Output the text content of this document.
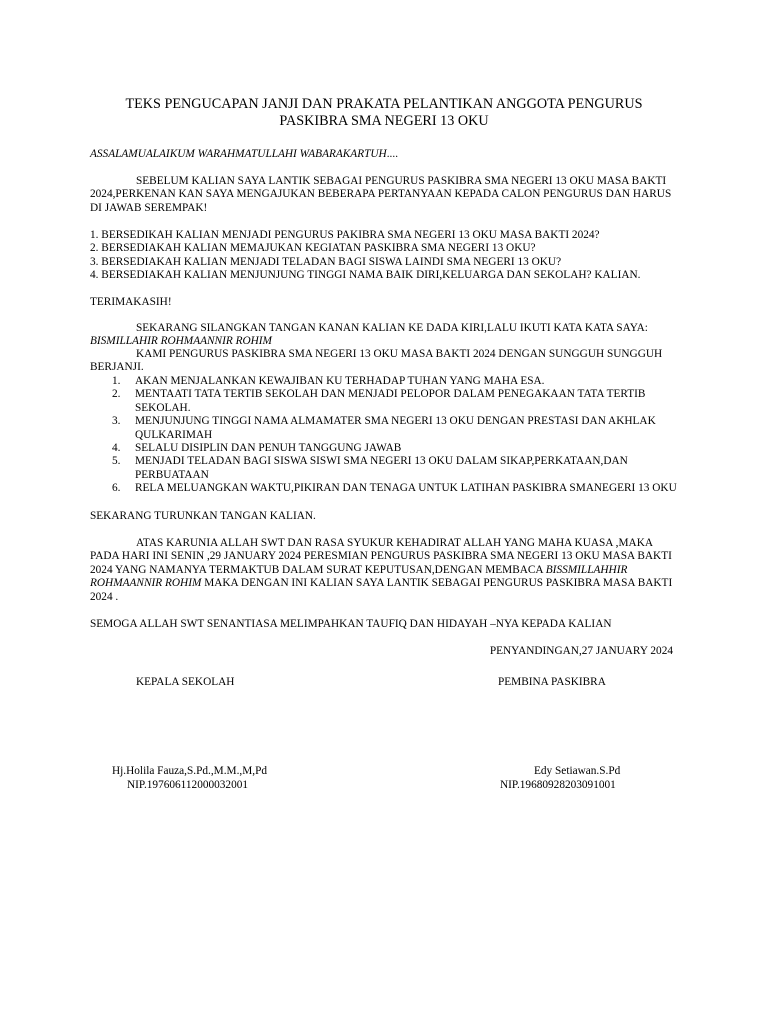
TEKS PENGUCAPAN JANJI DAN PRAKATA PELANTIKAN ANGGOTA PENGURUS
PASKIBRA SMA NEGERI 13 OKU
ASSALAMUALAIKUM WARAHMATULLAHI WABARAKARTUH....

SEBELUM KALIAN SAYA LANTIK SEBAGAI PENGURUS PASKIBRA SMA NEGERI 13 OKU MASA BAKTI 2024,PERKENAN KAN SAYA MENGAJUKAN BEBERAPA PERTANYAAN KEPADA CALON PENGURUS DAN HARUS DI JAWAB SEREMPAK!

1. BERSEDIKAH KALIAN MENJADI PENGURUS PAKIBRA SMA NEGERI 13 OKU MASA BAKTI 2024?
2. BERSEDIAKAH KALIAN MEMAJUKAN KEGIATAN PASKIBRA SMA NEGERI 13 OKU?
3. BERSEDIAKAH KALIAN MENJADI TELADAN BAGI SISWA LAINDI SMA NEGERI 13 OKU?
4. BERSEDIAKAH KALIAN MENJUNJUNG TINGGI NAMA BAIK DIRI,KELUARGA DAN SEKOLAH? KALIAN.

TERIMAKASIH!

SEKARANG SILANGKAN TANGAN KANAN KALIAN KE DADA KIRI,LALU IKUTI KATA KATA SAYA:

BISMILLAHIR ROHMAANNIR ROHIM

KAMI PENGURUS PASKIBRA SMA NEGERI 13 OKU MASA BAKTI 2024 DENGAN SUNGGUH SUNGGUH BERJANJI.

1. AKAN MENJALANKAN KEWAJIBAN KU TERHADAP TUHAN YANG MAHA ESA.
2. MENTAATI TATA TERTIB SEKOLAH DAN MENJADI PELOPOR DALAM PENEGAKAAN TATA TERTIB SEKOLAH.
3. MENJUNJUNG TINGGI NAMA ALMAMATER SMA NEGERI 13 OKU DENGAN PRESTASI DAN AKHLAK QULKARIMAH
4. SELALU DISIPLIN DAN PENUH TANGGUNG JAWAB
5. MENJADI TELADAN BAGI SISWA SISWI SMA NEGERI 13 OKU DALAM SIKAP,PERKATAAN,DAN PERBUATAAN
6. RELA MELUANGKAN WAKTU,PIKIRAN DAN TENAGA UNTUK LATIHAN PASKIBRA SMANEGERI 13 OKU

SEKARANG TURUNKAN TANGAN KALIAN.

ATAS KARUNIA ALLAH SWT DAN RASA SYUKUR KEHADIRAT ALLAH YANG MAHA KUASA ,MAKA PADA HARI INI SENIN ,29 JANUARY 2024 PERESMIAN PENGURUS PASKIBRA SMA NEGERI 13 OKU MASA BAKTI 2024 YANG NAMANYA TERMAKTUB DALAM SURAT KEPUTUSAN,DENGAN MEMBACA BISSMILLAHHIR ROHMAANNIR ROHIM MAKA DENGAN INI KALIAN SAYA LANTIK SEBAGAI PENGURUS PASKIBRA MASA BAKTI 2024 .

SEMOGA ALLAH SWT SENANTIASA MELIMPAHKAN TAUFIQ DAN HIDAYAH –NYA KEPADA KALIAN

PENYANDINGAN,27 JANUARY 2024
KEPALA SEKOLAH	PEMBINA PASKIBRA
Hj.Holila Fauza,S.Pd.,M.M.,M,Pd
NIP.197606112000032001
Edy Setiawan.S.Pd
NIP.19680928203091001
